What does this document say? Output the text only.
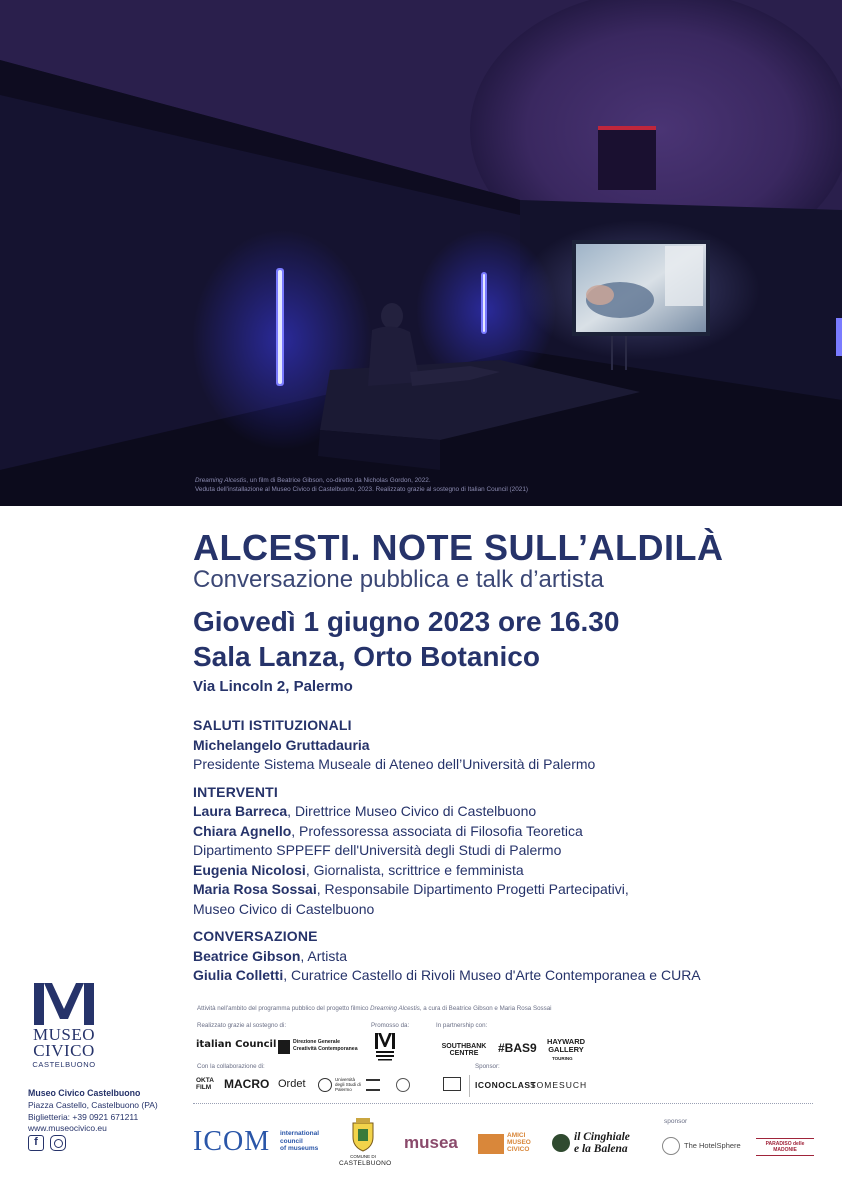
Dreaming Alcestis, un film di Beatrice Gibson, co-diretto da Nicholas Gordon, 2022.
Veduta dell'installazione al Museo Civico di Castelbuono, 2023. Realizzato grazie al sostegno di Italian Council (2021)
ALCESTI. NOTE SULL’ALDILÀ
Conversazione pubblica e talk d’artista
Giovedì 1 giugno 2023 ore 16.30
Sala Lanza, Orto Botanico
Via Lincoln 2, Palermo
SALUTI ISTITUZIONALI
Michelangelo Gruttadauria
Presidente Sistema Museale di Ateneo dell’Università di Palermo
INTERVENTI
Laura Barreca, Direttrice Museo Civico di Castelbuono
Chiara Agnello, Professoressa associata di Filosofia Teoretica
Dipartimento SPPEFF dell'Università degli Studi di Palermo
Eugenia Nicolosi, Giornalista, scrittrice e femminista
Maria Rosa Sossai, Responsabile Dipartimento Progetti Partecipativi,
Museo Civico di Castelbuono
CONVERSAZIONE
Beatrice Gibson, Artista
Giulia Colletti, Curatrice Castello di Rivoli Museo d'Arte Contemporanea e CURA
MUSEO
CIVICO
CASTELBUONO
Museo Civico Castelbuono
Piazza Castello, Castelbuono (PA)
Biglietteria: +39 0921 671211
www.museocivico.eu
f
Attività nell'ambito del programma pubblico del progetto filmico Dreaming Alcestis, a cura di Beatrice Gibson e Maria Rosa Sossai
Realizzato grazie al sostegno di:	Promosso da:	In partnership con:
italian Council	Direzione Generale
Creatività Contemporanea	SOUTHBANK CENTRE	#BAS9	HAYWARD GALLERY
TOURING
Con la collaborazione di:	Sponsor:
OKTA FILM	MACRO Ordet	Università degli Studi di Palermo	ICONOCLAST
SOMESUCH
sponsor
ICOM international
council
of museums
COMUNE DI
CASTELBUONO
musea	AMICI
MUSEO
CIVICO
il Cinghiale
e la Balena	The HotelSphere	PARADISO delle MADONIE
